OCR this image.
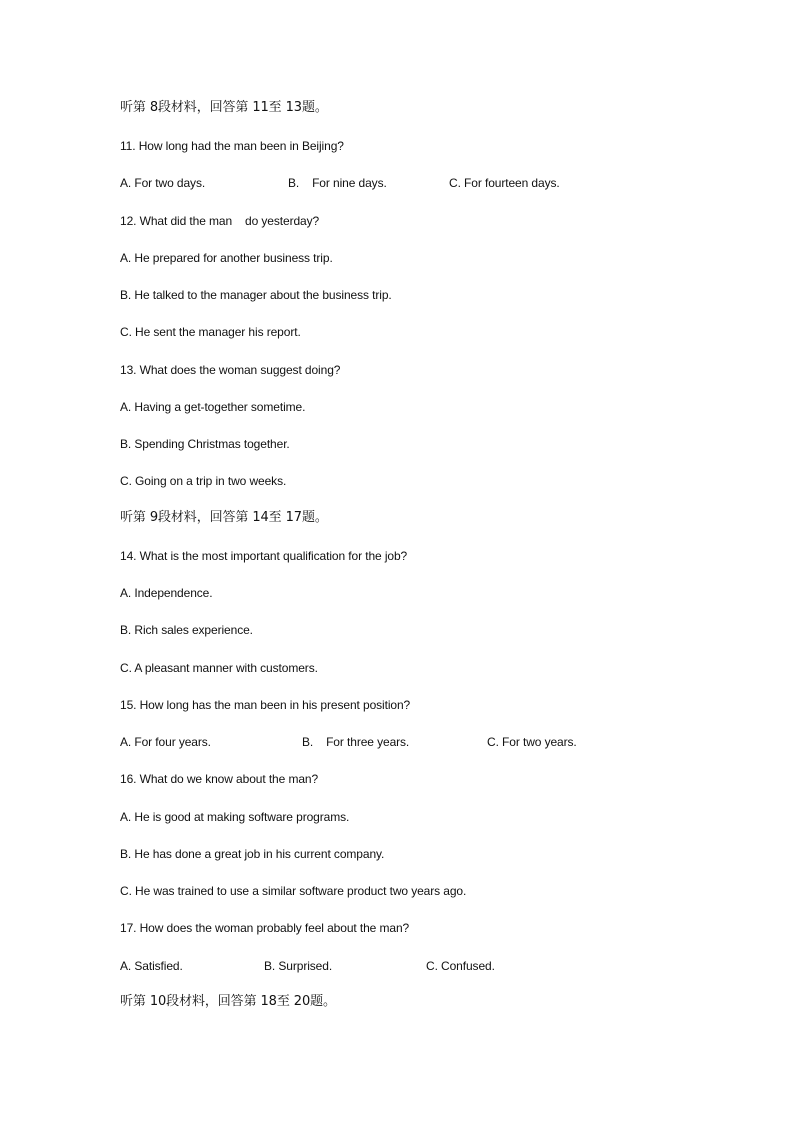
听第 8段材料，回答第 11至 13题。
11. How long had the man been in Beijing?
A. For two days.	B.    For nine days.	C. For fourteen days.
12. What did the man    do yesterday?
A. He prepared for another business trip.
B. He talked to the manager about the business trip.
C. He sent the manager his report.
13. What does the woman suggest doing?
A. Having a get-together sometime.
B. Spending Christmas together.
C. Going on a trip in two weeks.
听第 9段材料，回答第 14至 17题。
14. What is the most important qualification for the job?
A. Independence.
B. Rich sales experience.
C. A pleasant manner with customers.
15. How long has the man been in his present position?
A. For four years.	B.    For three years.	C. For two years.
16. What do we know about the man?
A. He is good at making software programs.
B. He has done a great job in his current company.
C. He was trained to use a similar software product two years ago.
17. How does the woman probably feel about the man?
A. Satisfied.	B. Surprised.	C. Confused.
听第 10段材料，回答第 18至 20题。
